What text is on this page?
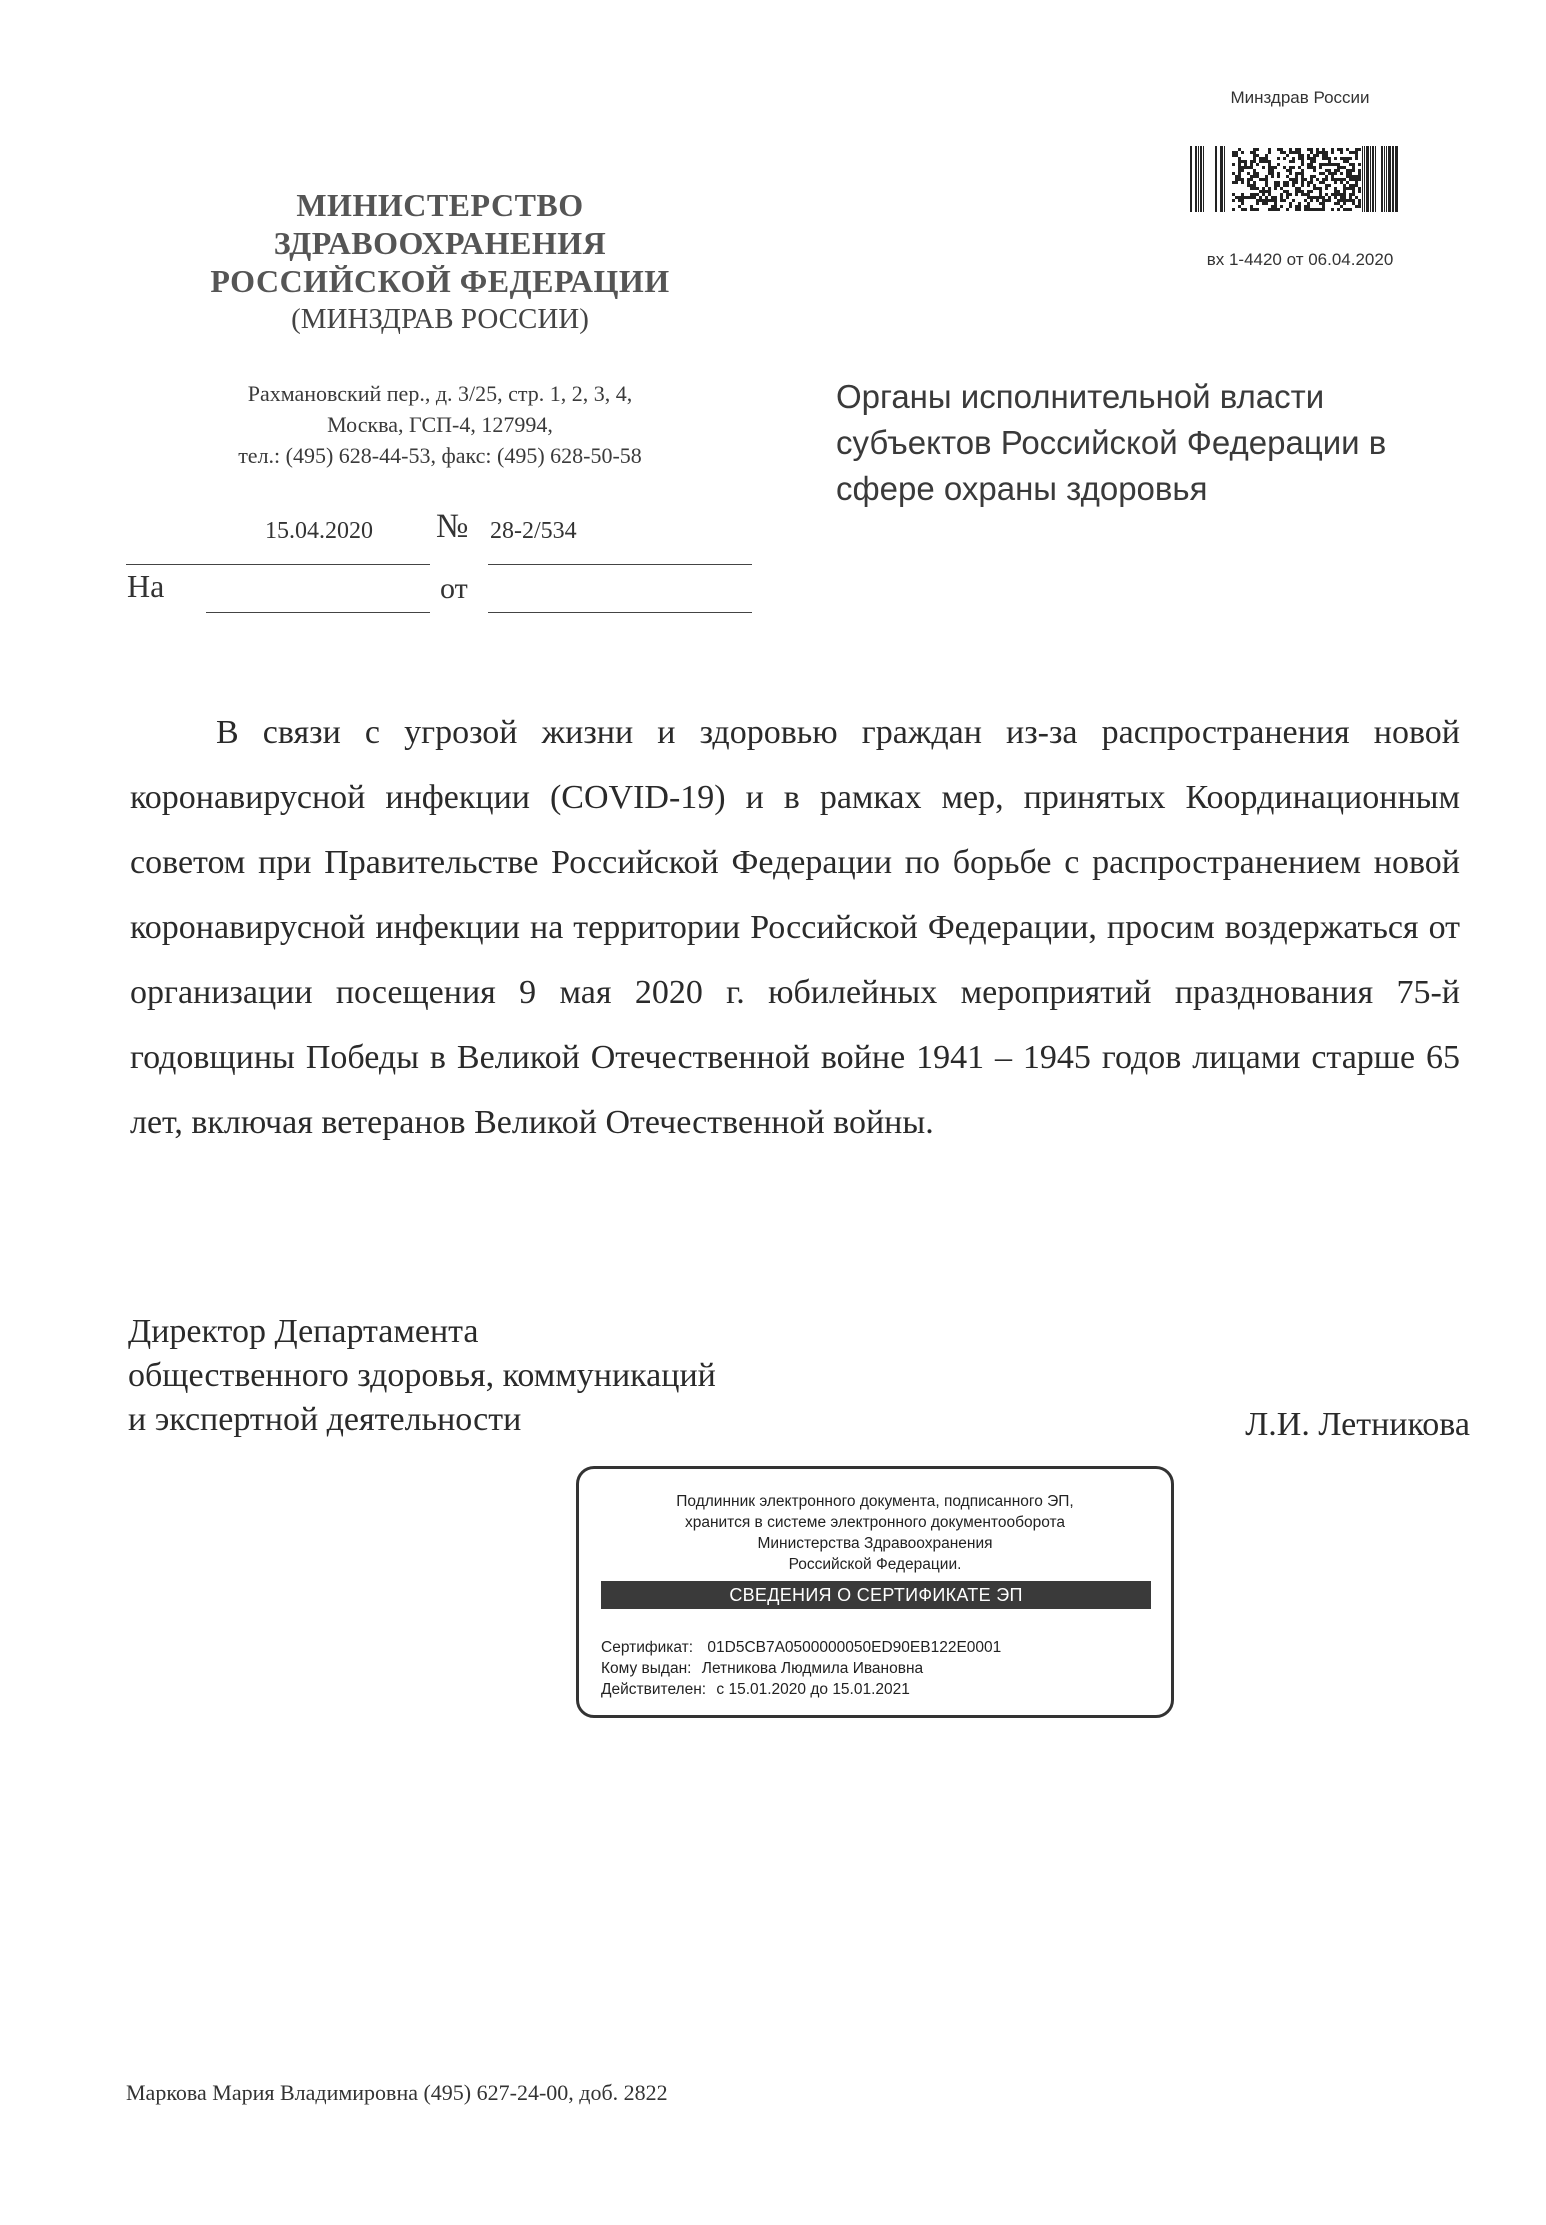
Минздрав России
вх 1-4420 от 06.04.2020
МИНИСТЕРСТВО
ЗДРАВООХРАНЕНИЯ
РОССИЙСКОЙ ФЕДЕРАЦИИ
(МИНЗДРАВ РОССИИ)
Рахмановский пер., д. 3/25, стр. 1, 2, 3, 4,
Москва, ГСП-4, 127994,
тел.: (495) 628-44-53, факс: (495) 628-50-58
15.04.2020 № 28-2/534
На	от
Органы исполнительной власти
субъектов Российской Федерации в
сфере охраны здоровья
В связи с угрозой жизни и здоровью граждан из-за распространения новой коронавирусной инфекции (COVID-19) и в рамках мер, принятых Координационным советом при Правительстве Российской Федерации по борьбе с распространением новой коронавирусной инфекции на территории Российской Федерации, просим воздержаться от организации посещения 9 мая 2020 г. юбилейных мероприятий празднования 75-й годовщины Победы в Великой Отечественной войне 1941 – 1945 годов лицами старше 65 лет, включая ветеранов Великой Отечественной войны.
Директор Департамента
общественного здоровья, коммуникаций
и экспертной деятельности	Л.И. Летникова
Подлинник электронного документа, подписанного ЭП,
хранится в системе электронного документооборота
Министерства Здравоохранения
Российской Федерации.
СВЕДЕНИЯ О СЕРТИФИКАТЕ ЭП
Сертификат: 01D5CB7A0500000050ED90EB122E0001
Кому выдан: Летникова Людмила Ивановна
Действителен: с 15.01.2020 до 15.01.2021
Маркова Мария Владимировна (495) 627-24-00, доб. 2822
